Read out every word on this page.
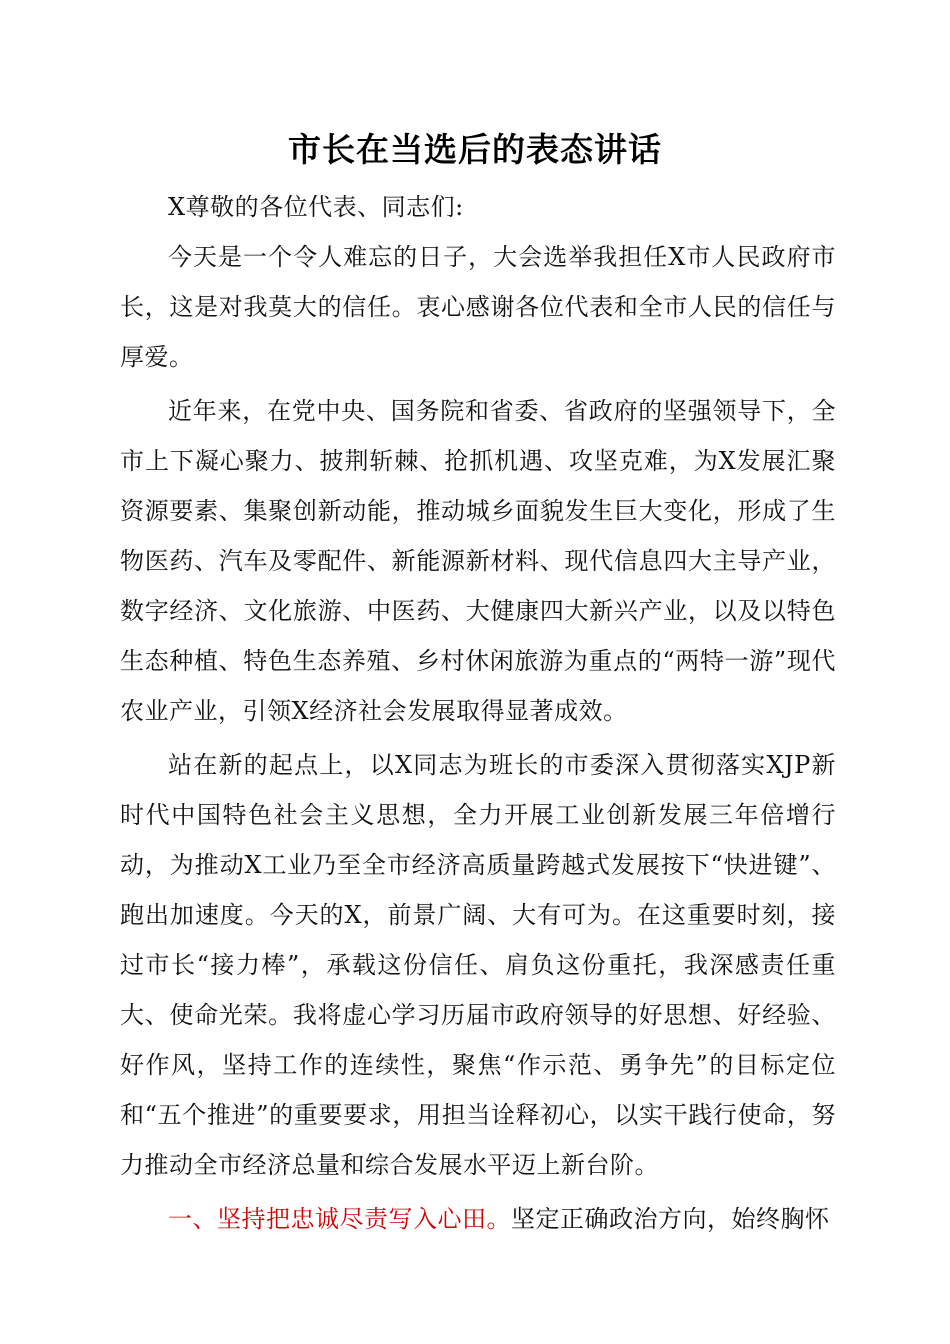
市长在当选后的表态讲话

X尊敬的各位代表、同志们:

今天是一个令人难忘的日子，大会选举我担任X市人民政府市长，这是对我莫大的信任。衷心感谢各位代表和全市人民的信任与厚爱。

近年来，在党中央、国务院和省委、省政府的坚强领导下，全市上下凝心聚力、披荆斩棘、抢抓机遇、攻坚克难，为X发展汇聚资源要素、集聚创新动能，推动城乡面貌发生巨大变化，形成了生物医药、汽车及零配件、新能源新材料、现代信息四大主导产业，数字经济、文化旅游、中医药、大健康四大新兴产业，以及以特色生态种植、特色生态养殖、乡村休闲旅游为重点的“两特一游”现代农业产业，引领X经济社会发展取得显著成效。

站在新的起点上，以X同志为班长的市委深入贯彻落实XJP新时代中国特色社会主义思想，全力开展工业创新发展三年倍增行动，为推动X工业乃至全市经济高质量跨越式发展按下“快进键”、跑出加速度。今天的X，前景广阔、大有可为。在这重要时刻，接过市长“接力棒”，承载这份信任、肩负这份重托，我深感责任重大、使命光荣。我将虚心学习历届市政府领导的好思想、好经验、好作风，坚持工作的连续性，聚焦“作示范、勇争先”的目标定位和“五个推进”的重要要求，用担当诠释初心，以实干践行使命，努力推动全市经济总量和综合发展水平迈上新台阶。

一、坚持把忠诚尽责写入心田。坚定正确政治方向，始终胸怀
